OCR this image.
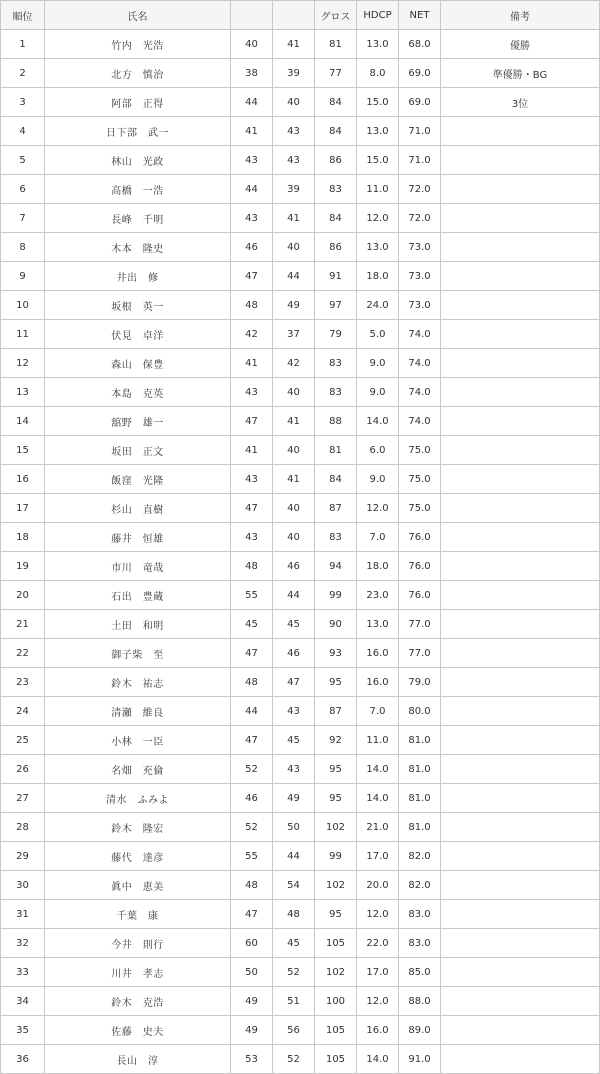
順位	氏名			グロス	HDCP	NET	備考
1	竹内　光浩	40	41	81	13.0	68.0	優勝
2	北方　慎治	38	39	77	8.0	69.0	準優勝・BG
3	阿部　正得	44	40	84	15.0	69.0	3位
4	日下部　武一	41	43	84	13.0	71.0	
5	林山　光政	43	43	86	15.0	71.0	
6	高橋　一浩	44	39	83	11.0	72.0	
7	長峰　千明	43	41	84	12.0	72.0	
8	木本　隆史	46	40	86	13.0	73.0	
9	井出　修	47	44	91	18.0	73.0	
10	坂根　英一	48	49	97	24.0	73.0	
11	伏見　卓洋	42	37	79	5.0	74.0	
12	森山　保豊	41	42	83	9.0	74.0	
13	本島　克英	43	40	83	9.0	74.0	
14	舘野　雄一	47	41	88	14.0	74.0	
15	坂田　正文	41	40	81	6.0	75.0	
16	飯窪　光隆	43	41	84	9.0	75.0	
17	杉山　直樹	47	40	87	12.0	75.0	
18	藤井　恒雄	43	40	83	7.0	76.0	
19	市川　竜哉	48	46	94	18.0	76.0	
20	石出　豊蔵	55	44	99	23.0	76.0	
21	土田　和明	45	45	90	13.0	77.0	
22	御子柴　至	47	46	93	16.0	77.0	
23	鈴木　祐志	48	47	95	16.0	79.0	
24	清瀬　維良	44	43	87	7.0	80.0	
25	小林　一臣	47	45	92	11.0	81.0	
26	名畑　充倫	52	43	95	14.0	81.0	
27	清水　ふみよ	46	49	95	14.0	81.0	
28	鈴木　隆宏	52	50	102	21.0	81.0	
29	藤代　達彦	55	44	99	17.0	82.0	
30	眞中　恵美	48	54	102	20.0	82.0	
31	千葉　康	47	48	95	12.0	83.0	
32	今井　則行	60	45	105	22.0	83.0	
33	川井　孝志	50	52	102	17.0	85.0	
34	鈴木　克浩	49	51	100	12.0	88.0	
35	佐藤　史夫	49	56	105	16.0	89.0	
36	長山　淳	53	52	105	14.0	91.0	
